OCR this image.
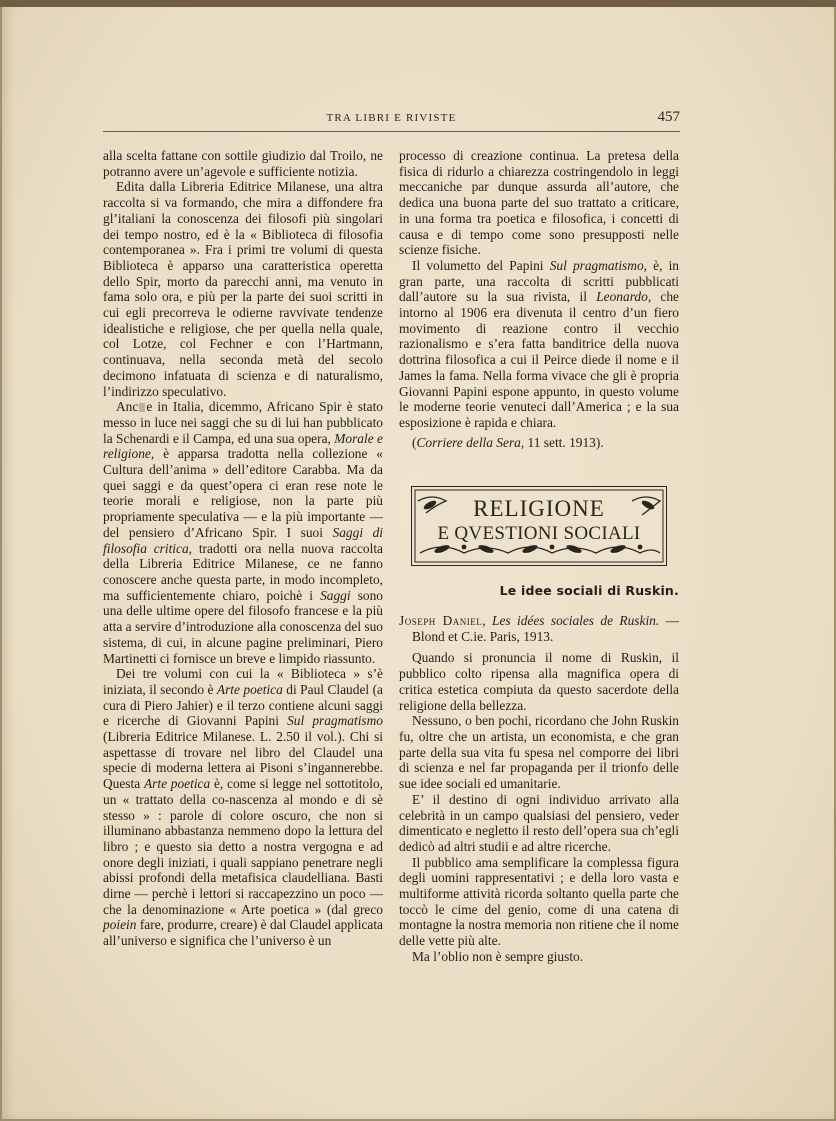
TRA LIBRI E RIVISTE	457

alla scelta fattane con sottile giudizio dal Troilo, ne potranno avere un’agevole e sufficiente notizia.

Edita dalla Libreria Editrice Milanese, una altra raccolta si va formando, che mira a diffondere fra gl’italiani la conoscenza dei filosofi più singolari dei tempo nostro, ed è la « Biblioteca di filosofia contemporanea ». Fra i primi tre volumi di questa Biblioteca è apparso una caratteristica operetta dello Spir, morto da parecchi anni, ma venuto in fama solo ora, e più per la parte dei suoi scritti in cui egli precorreva le odierne ravvivate tendenze idealistiche e religiose, che per quella nella quale, col Lotze, col Fechner e con l’Hartmann, continuava, nella seconda metà del secolo decimono infatuata di scienza e di naturalismo, l’indirizzo speculativo.

Anc e in Italia, dicemmo, Africano Spir è stato messo in luce nei saggi che su di lui han pubblicato la Schenardi e il Campa, ed una sua opera, Morale e religione, è apparsa tradotta nella collezione « Cultura dell’anima » dell’editore Carabba. Ma da quei saggi e da quest’opera ci eran rese note le teorie morali e religiose, non la parte più propriamente speculativa — e la più importante — del pensiero d’Africano Spir. I suoi Saggi di filosofia critica, tradotti ora nella nuova raccolta della Libreria Editrice Milanese, ce ne fanno conoscere anche questa parte, in modo incompleto, ma sufficientemente chiaro, poichè i Saggi sono una delle ultime opere del filosofo francese e la più atta a servire d’introduzione alla conoscenza del suo sistema, di cui, in alcune pagine preliminari, Piero Martinetti ci fornisce un breve e limpido riassunto.

Dei tre volumi con cui la « Biblioteca » s’è iniziata, il secondo è Arte poetica di Paul Claudel (a cura di Piero Jahier) e il terzo contiene alcuni saggi e ricerche di Giovanni Papini Sul pragmatismo (Libreria Editrice Milanese. L. 2.50 il vol.). Chi si aspettasse di trovare nel libro del Claudel una specie di moderna lettera ai Pisoni s’ingannerebbe. Questa Arte poetica è, come si legge nel sottotitolo, un « trattato della co-nascenza al mondo e di sè stesso » : parole di colore oscuro, che non si illuminano abbastanza nemmeno dopo la lettura del libro ; e questo sia detto a nostra vergogna e ad onore degli iniziati, i quali sappiano penetrare negli abissi profondi della metafisica claudelliana. Basti dirne — perchè i lettori si raccapezzino un poco — che la denominazione « Arte poetica » (dal greco poiein fare, produrre, creare) è dal Claudel applicata all’universo e significa che l’universo è un

processo di creazione continua. La pretesa della fisica di ridurlo a chiarezza costringendolo in leggi meccaniche par dunque assurda all’autore, che dedica una buona parte del suo trattato a criticare, in una forma tra poetica e filosofica, i concetti di causa e di tempo come sono presupposti nelle scienze fisiche.

Il volumetto del Papini Sul pragmatismo, è, in gran parte, una raccolta di scritti pubblicati dall’autore su la sua rivista, il Leonardo, che intorno al 1906 era divenuta il centro d’un fiero movimento di reazione contro il vecchio razionalismo e s’era fatta banditrice della nuova dottrina filosofica a cui il Peirce diede il nome e il James la fama. Nella forma vivace che gli è propria Giovanni Papini espone appunto, in questo volume le moderne teorie venuteci dall’America ; e la sua esposizione è rapida e chiara.

(Corriere della Sera, 11 sett. 1913).

RELIGIONE
E QVESTIONI SOCIALI
Le idee sociali di Ruskin.

Joseph Daniel, Les idées sociales de Ruskin. — Blond et C.ie. Paris, 1913.

Quando si pronuncia il nome di Ruskin, il pubblico colto ripensa alla magnifica opera di critica estetica compiuta da questo sacerdote della religione della bellezza.

Nessuno, o ben pochi, ricordano che John Ruskin fu, oltre che un artista, un economista, e che gran parte della sua vita fu spesa nel comporre dei libri di scienza e nel far propaganda per il trionfo delle sue idee sociali ed umanitarie.

E’ il destino di ogni individuo arrivato alla celebrità in un campo qualsiasi del pensiero, veder dimenticato e negletto il resto dell’opera sua ch’egli dedicò ad altri studii e ad altre ricerche.

Il pubblico ama semplificare la complessa figura degli uomini rappresentativi ; e della loro vasta e multiforme attività ricorda soltanto quella parte che toccò le cime del genio, come di una catena di montagne la nostra memoria non ritiene che il nome delle vette più alte.

Ma l’oblio non è sempre giusto.
